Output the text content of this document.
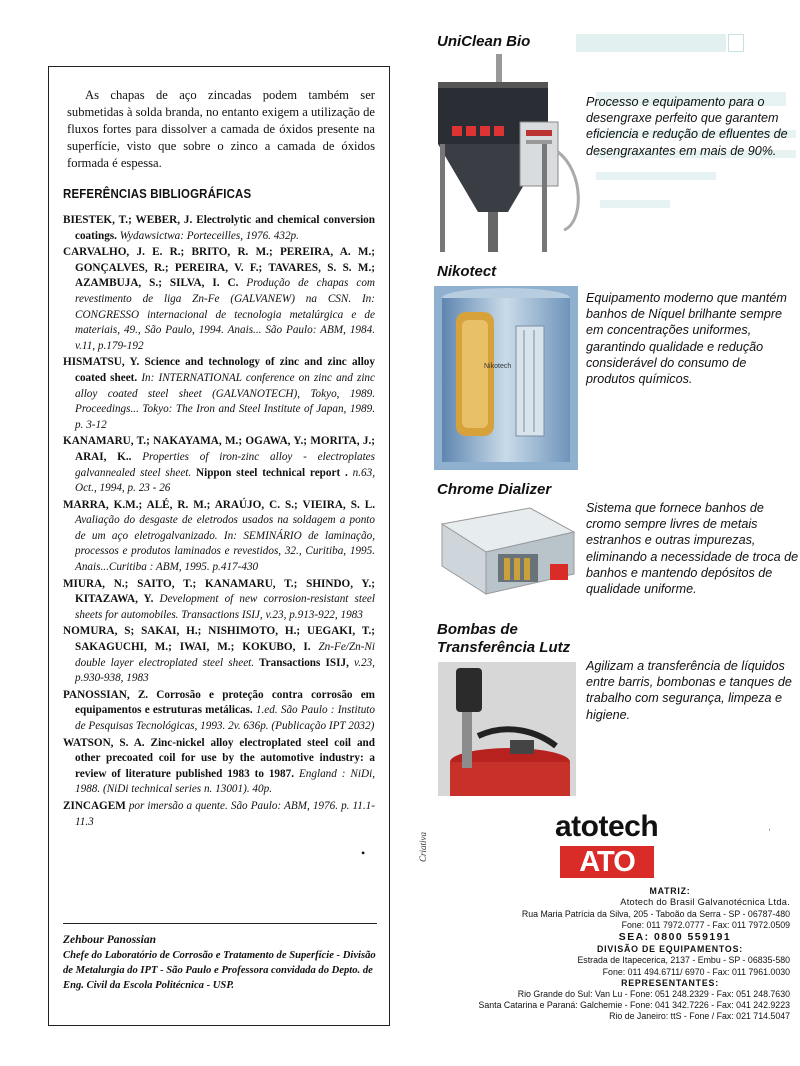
As chapas de aço zincadas podem também ser submetidas à solda branda, no entanto exigem a utilização de fluxos fortes para dissolver a camada de óxidos presente na superfície, visto que sobre o zinco a camada de óxidos formada é espessa.

REFERÊNCIAS BIBLIOGRÁFICAS

BIESTEK, T.; WEBER, J. Electrolytic and chemical conversion coatings. Wydawsictwa: Porteceilles, 1976. 432p.

CARVALHO, J. E. R.; BRITO, R. M.; PEREIRA, A. M.; GONÇALVES, R.; PEREIRA, V. F.; TAVARES, S. S. M.; AZAMBUJA, S.; SILVA, I. C. Produção de chapas com revestimento de liga Zn-Fe (GALVANEW) na CSN. In: CONGRESSO internacional de tecnologia metalúrgica e de materiais, 49., São Paulo, 1994. Anais... São Paulo: ABM, 1984. v.11, p.179-192

HISMATSU, Y. Science and technology of zinc and zinc alloy coated sheet. In: INTERNATIONAL conference on zinc and zinc alloy coated steel sheet (GALVANOTECH), Tokyo, 1989. Proceedings... Tokyo: The Iron and Steel Institute of Japan, 1989. p. 3-12

KANAMARU, T.; NAKAYAMA, M.; OGAWA, Y.; MORITA, J.; ARAI, K.. Properties of iron-zinc alloy - electroplates galvannealed steel sheet. Nippon steel technical report . n.63, Oct., 1994, p. 23 - 26

MARRA, K.M.; ALÉ, R. M.; ARAÚJO, C. S.; VIEIRA, S. L. Avaliação do desgaste de eletrodos usados na soldagem a ponto de um aço eletrogalvanizado. In: SEMINÁRIO de laminação, processos e produtos laminados e revestidos, 32., Curitiba, 1995. Anais...Curitiba : ABM, 1995. p.417-430

MIURA, N.; SAITO, T.; KANAMARU, T.; SHINDO, Y.; KITAZAWA, Y. Development of new corrosion-resistant steel sheets for automobiles. Transactions ISIJ, v.23, p.913-922, 1983

NOMURA, S; SAKAI, H.; NISHIMOTO, H.; UEGAKI, T.; SAKAGUCHI, M.; IWAI, M.; KOKUBO, I. Zn-Fe/Zn-Ni double layer electroplated steel sheet. Transactions ISIJ, v.23, p.930-938, 1983

PANOSSIAN, Z. Corrosão e proteção contra corrosão em equipamentos e estruturas metálicas. 1.ed. São Paulo : Instituto de Pesquisas Tecnológicas, 1993. 2v. 636p. (Publicação IPT 2032)

WATSON, S. A. Zinc-nickel alloy electroplated steel coil and other precoated coil for use by the automotive industry: a review of literature published 1983 to 1987. England : NiDi, 1988. (NiDi technical series n. 13001). 40p.

ZINCAGEM por imersão a quente. São Paulo: ABM, 1976. p. 11.1-11.3

•
Zehbour Panossian
Chefe do Laboratório de Corrosão e Tratamento de Superfície - Divisão de Metalurgia do IPT - São Paulo e Professora convidada do Depto. de Eng. Civil da Escola Politécnica - USP.
UniClean Bio
Processo e equipamento para o desengraxe perfeito que garantem eficiencia e redução de efluentes de desengraxantes em mais de 90%.
Nikotect
Nikotech
Equipamento moderno que mantém banhos de Níquel brilhante sempre em concentrações uniformes, garantindo qualidade e redução considerável do consumo de produtos químicos.
Chrome Dializer
Sistema que fornece banhos de cromo sempre livres de metais estranhos e outras impurezas, eliminando a necessidade de troca de banhos e mantendo depósitos de qualidade uniforme.
Bombas de
Transferência Lutz
Agilizam a transferência de líquidos entre barris, bombonas e tanques de trabalho com segurança, limpeza e higiene.
atotech
ATO
Criativa	ˈ
MATRIZ:
Atotech do Brasil Galvanotécnica Ltda.
Rua Maria Patrícia da Silva, 205 - Taboão da Serra - SP - 06787-480
Fone: 011 7972.0777 - Fax: 011 7972.0509
SEA: 0800 559191
DIVISÃO DE EQUIPAMENTOS:
Estrada de Itapecerica, 2137 - Embu - SP - 06835-580
Fone: 011 494.6711/ 6970 - Fax: 011 7961.0030
REPRESENTANTES:
Rio Grande do Sul: Van Lu - Fone: 051 248.2329 - Fax: 051 248.7630
Santa Catarina e Paraná: Galchemie - Fone: 041 342.7226 - Fax: 041 242.9223
Rio de Janeiro: ttS - Fone / Fax: 021 714.5047
